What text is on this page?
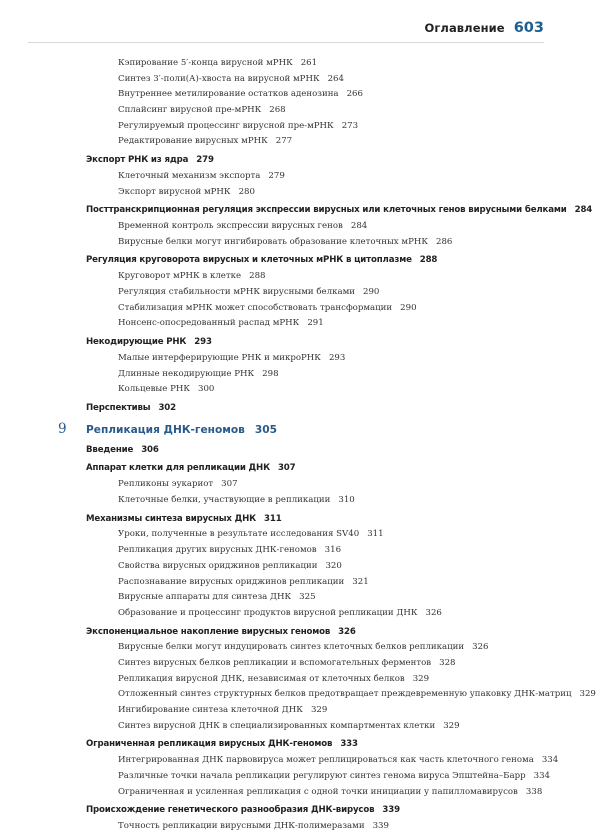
Оглавление 603
Кэпирование 5′-конца вирусной мРНК 261
Синтез 3′-поли(А)-хвоста на вирусной мРНК 264
Внутреннее метилирование остатков аденозина 266
Сплайсинг вирусной пре-мРНК 268
Регулируемый процессинг вирусной пре-мРНК 273
Редактирование вирусных мРНК 277
Экспорт РНК из ядра 279
Клеточный механизм экспорта 279
Экспорт вирусной мРНК 280
Посттранскрипционная регуляция экспрессии вирусных или клеточных генов вирусными белками 284
Временной контроль экспрессии вирусных генов 284
Вирусные белки могут ингибировать образование клеточных мРНК 286
Регуляция круговорота вирусных и клеточных мРНК в цитоплазме 288
Круговорот мРНК в клетке 288
Регуляция стабильности мРНК вирусными белками 290
Стабилизация мРНК может способствовать трансформации 290
Нонсенс-опосредованный распад мРНК 291
Некодирующие РНК 293
Малые интерферирующие РНК и микроРНК 293
Длинные некодирующие РНК 298
Кольцевые РНК 300
Перспективы 302
9 Репликация ДНК-геномов 305
Введение 306
Аппарат клетки для репликации ДНК 307
Репликоны эукариот 307
Клеточные белки, участвующие в репликации 310
Механизмы синтеза вирусных ДНК 311
Уроки, полученные в результате исследования SV40 311
Репликация других вирусных ДНК-геномов 316
Свойства вирусных ориджинов репликации 320
Распознавание вирусных ориджинов репликации 321
Вирусные аппараты для синтеза ДНК 325
Образование и процессинг продуктов вирусной репликации ДНК 326
Экспоненциальное накопление вирусных геномов 326
Вирусные белки могут индуцировать синтез клеточных белков репликации 326
Синтез вирусных белков репликации и вспомогательных ферментов 328
Репликация вирусной ДНК, независимая от клеточных белков 329
Отложенный синтез структурных белков предотвращает преждевременную упаковку ДНК-матриц 329
Ингибирование синтеза клеточной ДНК 329
Синтез вирусной ДНК в специализированных компартментах клетки 329
Ограниченная репликация вирусных ДНК-геномов 333
Интегрированная ДНК парвовируса может реплицироваться как часть клеточного генома 334
Различные точки начала репликации регулируют синтез генома вируса Эпштейна–Барр 334
Ограниченная и усиленная репликация с одной точки инициации у папилломавирусов 338
Происхождение генетического разнообразия ДНК-вирусов 339
Точность репликации вирусными ДНК-полимеразами 339
